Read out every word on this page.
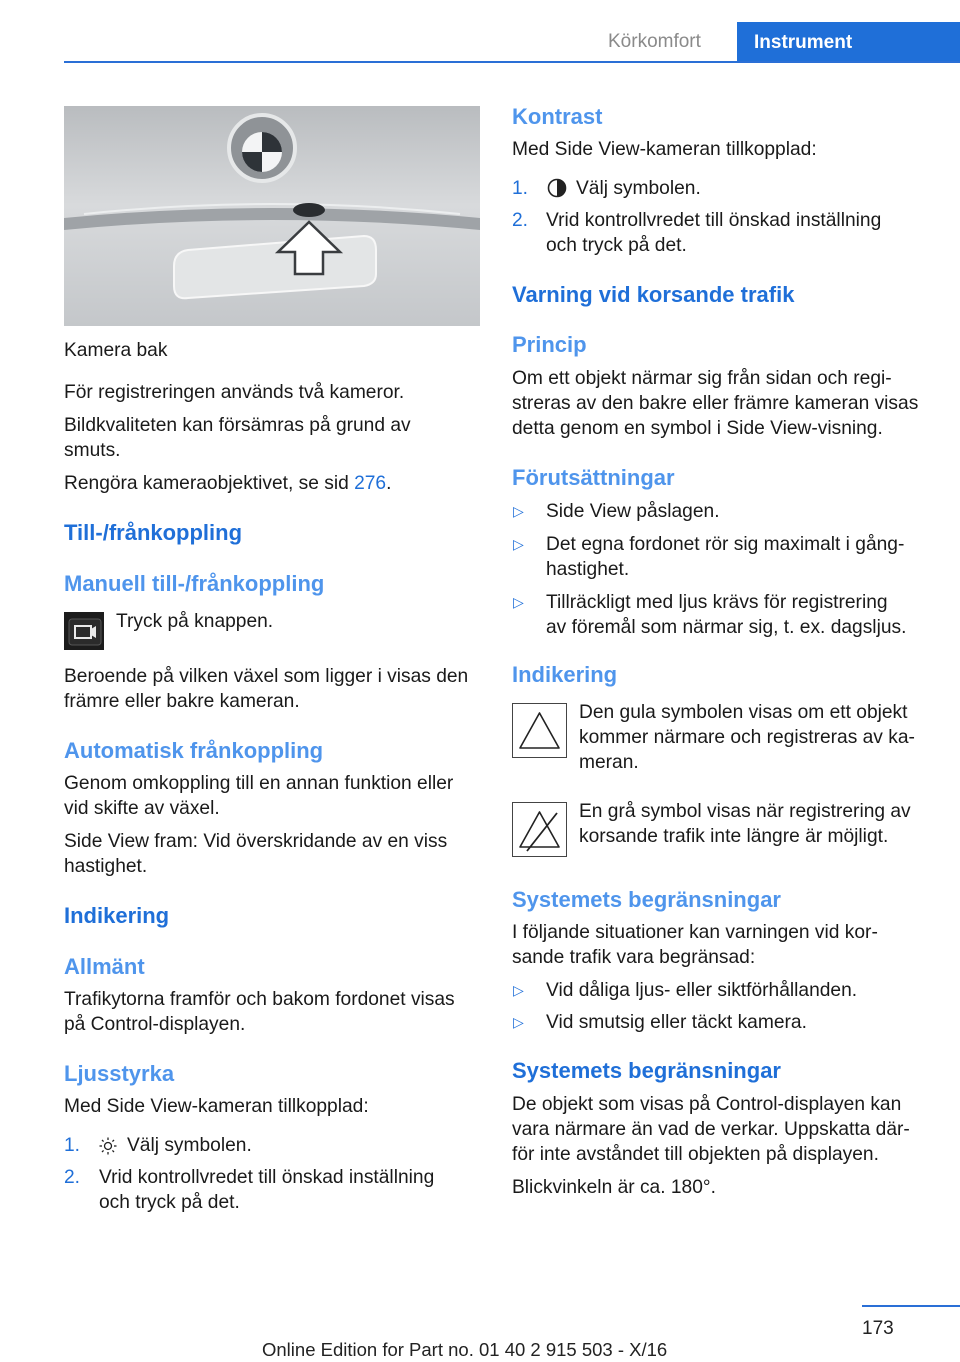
Körkomfort	Instrument

Kamera bak

För registreringen används två kameror.

Bildkvaliteten kan försämras på grund av

smuts.

Rengöra kameraobjektivet, se sid 276.

Till-/frånkoppling
Manuell till-/frånkoppling

Tryck på knappen.

Beroende på vilken växel som ligger i visas den

främre eller bakre kameran.

Automatisk frånkoppling

Genom omkoppling till en annan funktion eller

vid skifte av växel.

Side View fram: Vid överskridande av en viss

hastighet.

Indikering
Allmänt

Trafikytorna framför och bakom fordonet visas

på Control-displayen.

Ljusstyrka

Med Side View-kameran tillkopplad:

1. Välj symbolen.

2. Vrid kontrollvredet till önskad inställning

och tryck på det.

Kontrast

Med Side View-kameran tillkopplad:

1. Välj symbolen.

2. Vrid kontrollvredet till önskad inställning

och tryck på det.

Varning vid korsande trafik
Princip

Om ett objekt närmar sig från sidan och regi-

streras av den bakre eller främre kameran visas

detta genom en symbol i Side View-visning.

Förutsättningar
▷ Side View påslagen.

▷ Det egna fordonet rör sig maximalt i gång-

hastighet.

▷ Tillräckligt med ljus krävs för registrering

av föremål som närmar sig, t. ex. dagsljus.

Indikering

Den gula symbolen visas om ett objekt

kommer närmare och registreras av ka-

meran.

En grå symbol visas när registrering av

korsande trafik inte längre är möjligt.

Systemets begränsningar

I följande situationer kan varningen vid kor-

sande trafik vara begränsad:

▷ Vid dåliga ljus- eller siktförhållanden.

▷ Vid smutsig eller täckt kamera.

Systemets begränsningar

De objekt som visas på Control-displayen kan

vara närmare än vad de verkar. Uppskatta där-

för inte avståndet till objekten på displayen.

Blickvinkeln är ca. 180°.

173
Online Edition for Part no. 01 40 2 915 503 - X/16
